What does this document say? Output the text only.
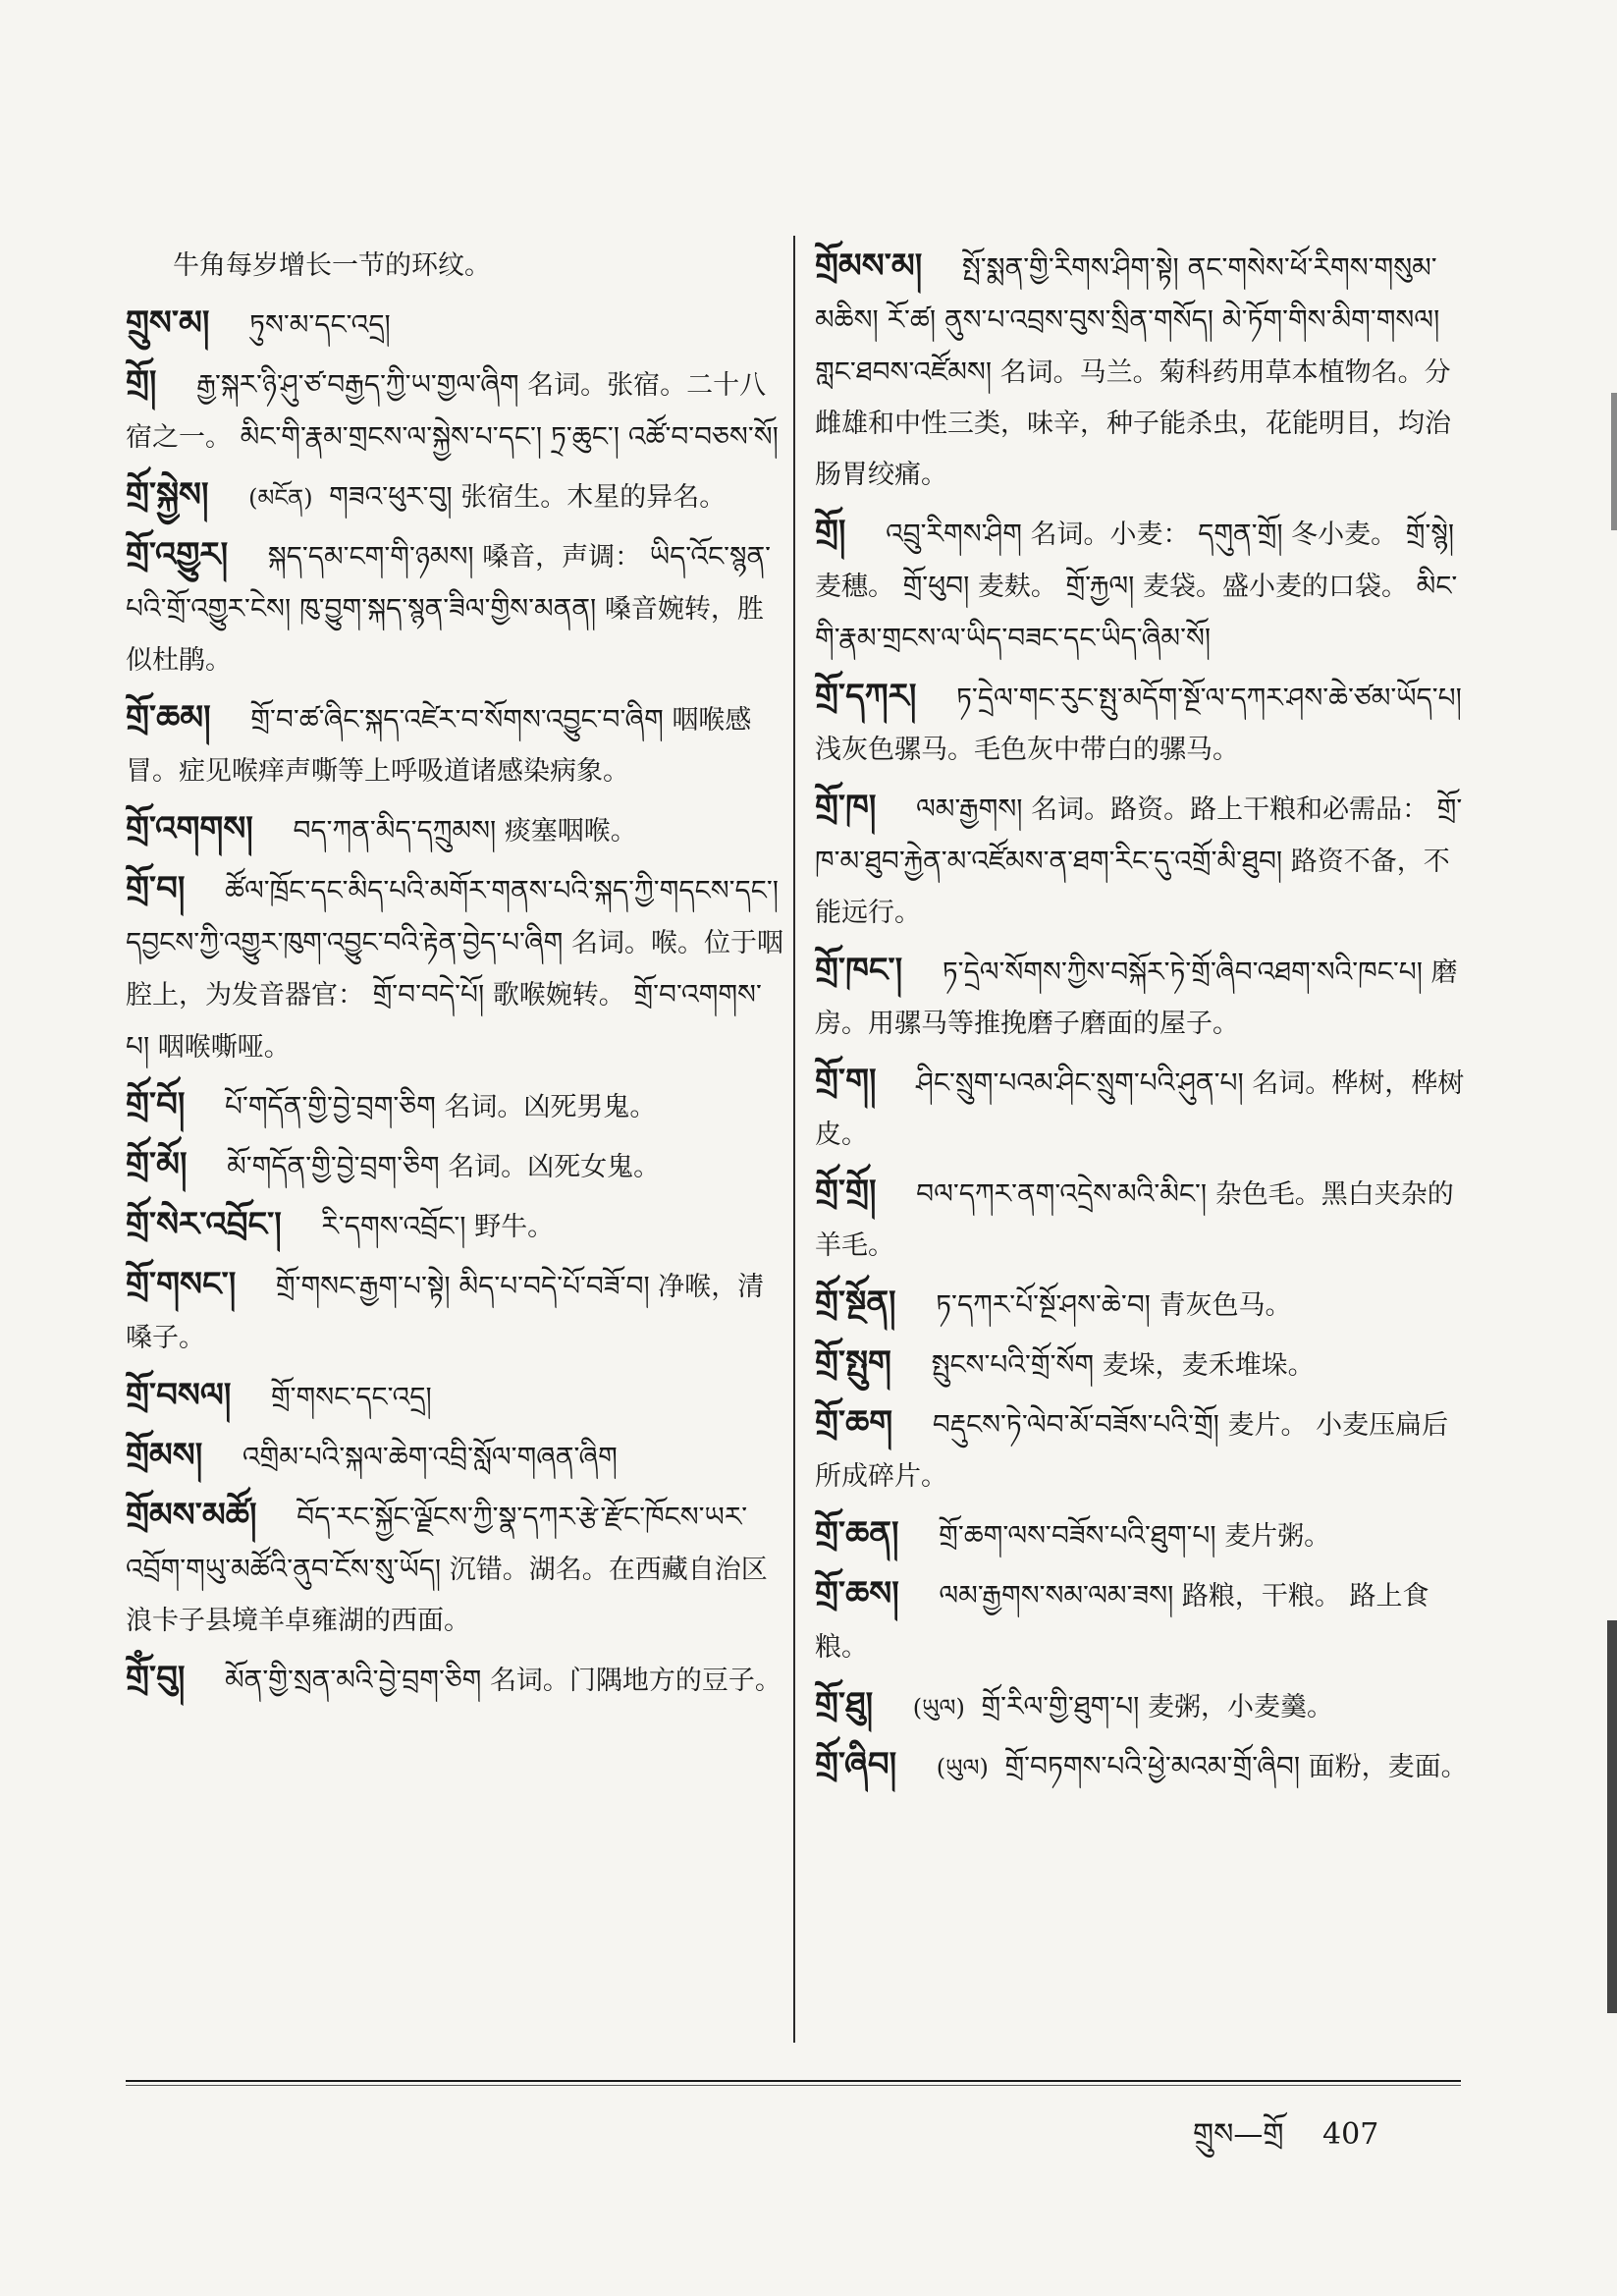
牛角每岁增长一节的环纹。
གྲུས་མ། ཏུས་མ་དང་འདྲ།
གྲོ། རྒྱ་སྐར་ཉི་ཤུ་ཙ་བརྒྱད་ཀྱི་ཡ་གྱལ་ཞིག 名词。张宿。二十八宿之一。 མིང་གི་རྣམ་གྲངས་ལ་སྐྱེས་པ་དང་། ཏྲ་ཆུང་། འཚོ་བ་བཅས་སོ།
གྲོ་སྐྱེས། (མངོན) གཟའ་ཕུར་བུ། 张宿生。木星的异名。
གྲོ་འགྱུར། སྐད་དམ་ངག་གི་ཉམས། 嗓音，声调： ཡིད་འོང་སྙན་པའི་གྲོ་འགྱུར་ངེས། ཁུ་བྱུག་སྐད་སྙན་ཟིལ་གྱིས་མནན། 嗓音婉转，胜似杜鹃。
གྲོ་ཆམ། གྲོ་བ་ཚ་ཞིང་སྐད་འཛེར་བ་སོགས་འབྱུང་བ་ཞིག 咽喉感冒。症见喉痒声嘶等上呼吸道诸感染病象。
གྲོ་འགགས། བད་ཀན་མིད་དཀྲུམས། 痰塞咽喉。
གྲོ་བ། ཚོལ་ཁྲོང་དང་མིད་པའི་མགོར་གནས་པའི་སྐད་ཀྱི་གདངས་དང་། དབྱངས་ཀྱི་འགྱུར་ཁུག་འབྱུང་བའི་རྟེན་བྱེད་པ་ཞིག 名词。喉。位于咽腔上，为发音器官： གྲོ་བ་བདེ་པོ། 歌喉婉转。 གྲོ་བ་འགགས་པ། 咽喉嘶哑。
གྲོ་བོ། པོ་གདོན་གྱི་བྱེ་བྲག་ཅིག 名词。凶死男鬼。
གྲོ་མོ། མོ་གདོན་གྱི་བྱེ་བྲག་ཅིག 名词。凶死女鬼。
གྲོ་སེར་འབྲོང་། རི་དགས་འབྲོང་། 野牛。
གྲོ་གསང་། གྲོ་གསང་རྒྱག་པ་སྟེ། མིད་པ་བདེ་པོ་བཟོ་བ། 净喉，清嗓子。
གྲོ་བསལ། གྲོ་གསང་དང་འདྲ།
གྲོམས། འགྲིམ་པའི་སྐལ་ཆེག་འབྲི་སློལ་གཞན་ཞིག
གྲོམས་མཚོ། བོད་རང་སྐྱོང་ལྗོངས་ཀྱི་སྣ་དཀར་རྩེ་རྫོང་ཁོངས་ཡར་འབྲོག་གཡུ་མཚོའི་ནུབ་ངོས་སུ་ཡོད། 沉错。湖名。在西藏自治区浪卡子县境羊卓雍湖的西面。
གྲོཾ་བུ། མོན་གྱི་སྲན་མའི་བྱེ་བྲག་ཅིག 名词。门隅地方的豆子。
གྲོམས་མ། སྤོ་སྨན་གྱི་རིགས་ཤིག་སྟེ། ནང་གསེས་ཕོ་རིགས་གསུམ་མཆིས། རོ་ཚ། ནུས་པ་འབྲས་བུས་སྲིན་གསོད། མེ་ཏོག་གིས་མིག་གསལ། གླང་ཐབས་འཛོམས། 名词。马兰。菊科药用草本植物名。分雌雄和中性三类，味辛，种子能杀虫，花能明目，均治肠胃绞痛。
གྲོ། འབྲུ་རིགས་ཤིག 名词。小麦： དགུན་གྲོ། 冬小麦。 གྲོ་སྙེ། 麦穗。 གྲོ་ཕུབ། 麦麸。 གྲོ་རྐྱལ། 麦袋。盛小麦的口袋。 མིང་གི་རྣམ་གྲངས་ལ་ཡིད་བཟང་དང་ཡིད་ཞིམ་སོ།
གྲོ་དཀར། ཏ་དྲེལ་གང་རུང་སྤུ་མདོག་སྔོ་ལ་དཀར་ཤས་ཆེ་ཙམ་ཡོད་པ། 浅灰色骡马。毛色灰中带白的骡马。
གྲོ་ཁ། ལམ་རྒྱགས། 名词。路资。路上干粮和必需品： གྲོ་ཁ་མ་ཐུབ་རྐྱེན་མ་འཛོམས་ན་ཐག་རིང་དུ་འགྲོ་མི་ཐུབ། 路资不备，不能远行。
གྲོ་ཁང་། ཏ་དྲེལ་སོགས་ཀྱིས་བསྐོར་ཏེ་གྲོ་ཞིབ་འཐག་སའི་ཁང་པ། 磨房。用骡马等推挽磨子磨面的屋子。
གྲོ་ག། ཤིང་སྲུག་པའམ་ཤིང་སྲུག་པའི་ཤུན་པ། 名词。桦树，桦树皮。
གྲོ་གྲོ། བལ་དཀར་ནག་འདྲེས་མའི་མིང་། 杂色毛。黑白夹杂的羊毛。
གྲོ་སྔོན། ཏ་དཀར་པོ་སྔོ་ཤས་ཆེ་བ། 青灰色马。
གྲོ་སྤུག སྤུངས་པའི་གྲོ་སོག 麦垛，麦禾堆垛。
གྲོ་ཆག བརྡུངས་ཏེ་ལེབ་མོ་བཟོས་པའི་གྲོ། 麦片。 小麦压扁后所成碎片。
གྲོ་ཆན། གྲོ་ཆག་ལས་བཟོས་པའི་ཐུག་པ། 麦片粥。
གྲོ་ཆས། ལམ་རྒྱགས་སམ་ལམ་ཟས། 路粮，干粮。 路上食粮。
གྲོ་ཐུ། (ཡུལ) གྲོ་རིལ་གྱི་ཐུག་པ། 麦粥，小麦羹。
གྲོ་ཞིབ། (ཡུལ) གྲོ་བཏགས་པའི་ཕྱེ་མའམ་གྲོ་ཞིབ། 面粉，麦面。
གྲུས—གྲོ 407
